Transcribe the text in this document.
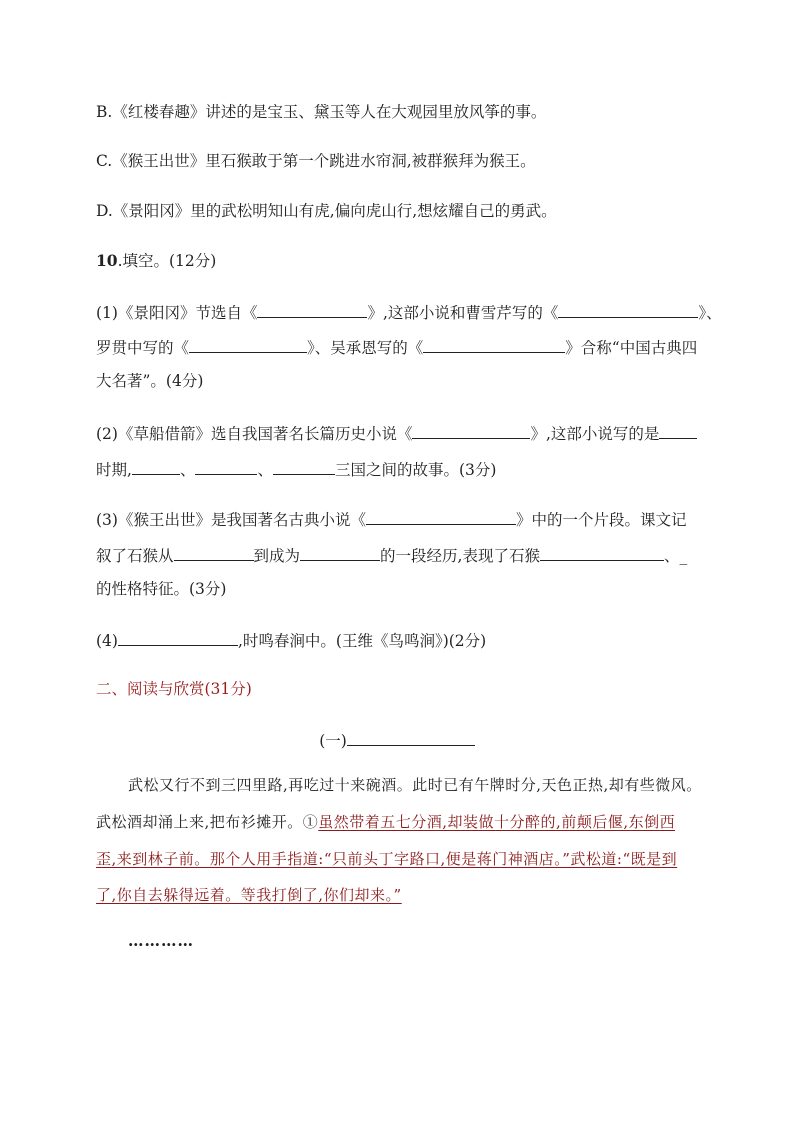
B.《红楼春趣》讲述的是宝玉、黛玉等人在大观园里放风筝的事。
C.《猴王出世》里石猴敢于第一个跳进水帘洞,被群猴拜为猴王。
D.《景阳冈》里的武松明知山有虎,偏向虎山行,想炫耀自己的勇武。
10.填空。(12分)
(1)《景阳冈》节选自《	》,这部小说和曹雪芹写的《	》、
罗贯中写的《	》、吴承恩写的《	》合称“中国古典四
大名著”。(4分)
(2)《草船借箭》选自我国著名长篇历史小说《	》,这部小说写的是
时期,	、	、	三国之间的故事。(3分)
(3)《猴王出世》是我国著名古典小说《	》中的一个片段。课文记
叙了石猴从	到成为	的一段经历,表现了石猴	、_
的性格特征。(3分)
(4)	,时鸣春涧中。(王维《鸟鸣涧》)(2分)
二、阅读与欣赏(31分)
(一)
武松又行不到三四里路,再吃过十来碗酒。此时已有午牌时分,天色正热,却有些微风。
武松酒却涌上来,把布衫摊开。①虽然带着五七分酒,却装做十分醉的,前颠后偃,东倒西
歪,来到林子前。那个人用手指道:“只前头丁字路口,便是蒋门神酒店。”武松道:“既是到
了,你自去躲得远着。等我打倒了,你们却来。”
…………
